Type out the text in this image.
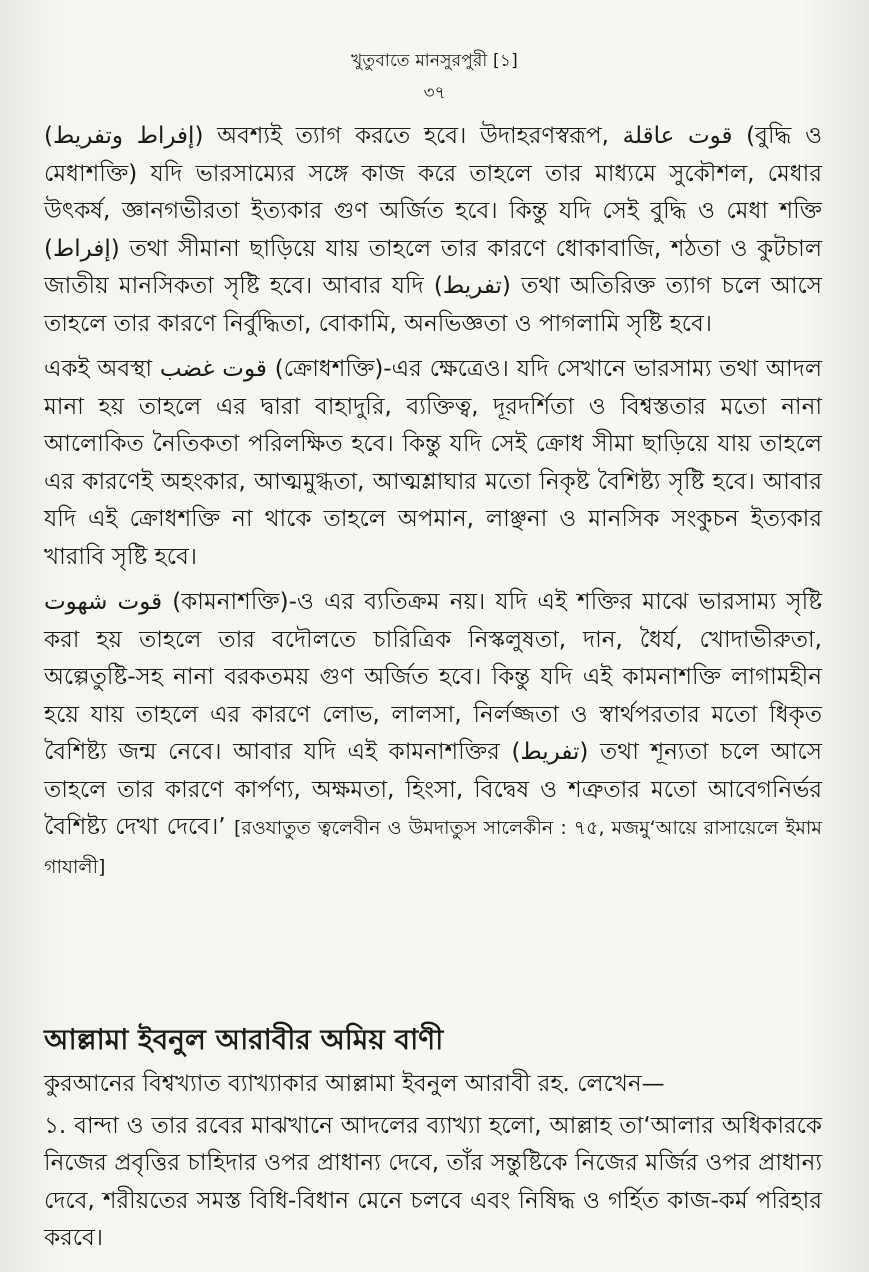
খুতুবাতে মানসুরপুরী [১]
৩৭

(إفراط وتفريط) অবশ্যই ত্যাগ করতে হবে। উদাহরণস্বরূপ, قوت عاقلة (বুদ্ধি ও মেধাশক্তি) যদি ভারসাম্যের সঙ্গে কাজ করে তাহলে তার মাধ্যমে সুকৌশল, মেধার উৎকর্ষ, জ্ঞানগভীরতা ইত্যকার গুণ অর্জিত হবে। কিন্তু যদি সেই বুদ্ধি ও মেধা শক্তি (إفراط) তথা সীমানা ছাড়িয়ে যায় তাহলে তার কারণে ধোকাবাজি, শঠতা ও কুটচাল জাতীয় মানসিকতা সৃষ্টি হবে। আবার যদি (تفريط) তথা অতিরিক্ত ত্যাগ চলে আসে তাহলে তার কারণে নির্বুদ্ধিতা, বোকামি, অনভিজ্ঞতা ও পাগলামি সৃষ্টি হবে।

একই অবস্থা قوت غضب (ক্রোধশক্তি)-এর ক্ষেত্রেও। যদি সেখানে ভারসাম্য তথা আদল মানা হয় তাহলে এর দ্বারা বাহাদুরি, ব্যক্তিত্ব, দূরদর্শিতা ও বিশ্বস্ততার মতো নানা আলোকিত নৈতিকতা পরিলক্ষিত হবে। কিন্তু যদি সেই ক্রোধ সীমা ছাড়িয়ে যায় তাহলে এর কারণেই অহংকার, আত্মমুগ্ধতা, আত্মশ্লাঘার মতো নিকৃষ্ট বৈশিষ্ট্য সৃষ্টি হবে। আবার যদি এই ক্রোধশক্তি না থাকে তাহলে অপমান, লাঞ্ছনা ও মানসিক সংকুচন ইত্যকার খারাবি সৃষ্টি হবে।

قوت شهوت (কামনাশক্তি)-ও এর ব্যতিক্রম নয়। যদি এই শক্তির মাঝে ভারসাম্য সৃষ্টি করা হয় তাহলে তার বদৌলতে চারিত্রিক নিস্কলুষতা, দান, ধৈর্য, খোদাভীরুতা, অল্পেতুষ্টি-সহ নানা বরকতময় গুণ অর্জিত হবে। কিন্তু যদি এই কামনাশক্তি লাগামহীন হয়ে যায় তাহলে এর কারণে লোভ, লালসা, নির্লজ্জতা ও স্বার্থপরতার মতো ধিকৃত বৈশিষ্ট্য জন্ম নেবে। আবার যদি এই কামনাশক্তির (تفريط) তথা শূন্যতা চলে আসে তাহলে তার কারণে কার্পণ্য, অক্ষমতা, হিংসা, বিদ্বেষ ও শত্রুতার মতো আবেগনির্ভর বৈশিষ্ট্য দেখা দেবে।’ [রওযাতুত ত্বলেবীন ও উমদাতুস সালেকীন : ৭৫, মজমু‘আয়ে রাসায়েলে ইমাম গাযালী]

আল্লামা ইবনুল আরাবীর অমিয় বাণী

কুরআনের বিশ্বখ্যাত ব্যাখ্যাকার আল্লামা ইবনুল আরাবী রহ. লেখেন—

১. বান্দা ও তার রবের মাঝখানে আদলের ব্যাখ্যা হলো, আল্লাহ তা‘আলার অধিকারকে নিজের প্রবৃত্তির চাহিদার ওপর প্রাধান্য দেবে, তাঁর সন্তুষ্টিকে নিজের মর্জির ওপর প্রাধান্য দেবে, শরীয়তের সমস্ত বিধি-বিধান মেনে চলবে এবং নিষিদ্ধ ও গর্হিত কাজ-কর্ম পরিহার করবে।
